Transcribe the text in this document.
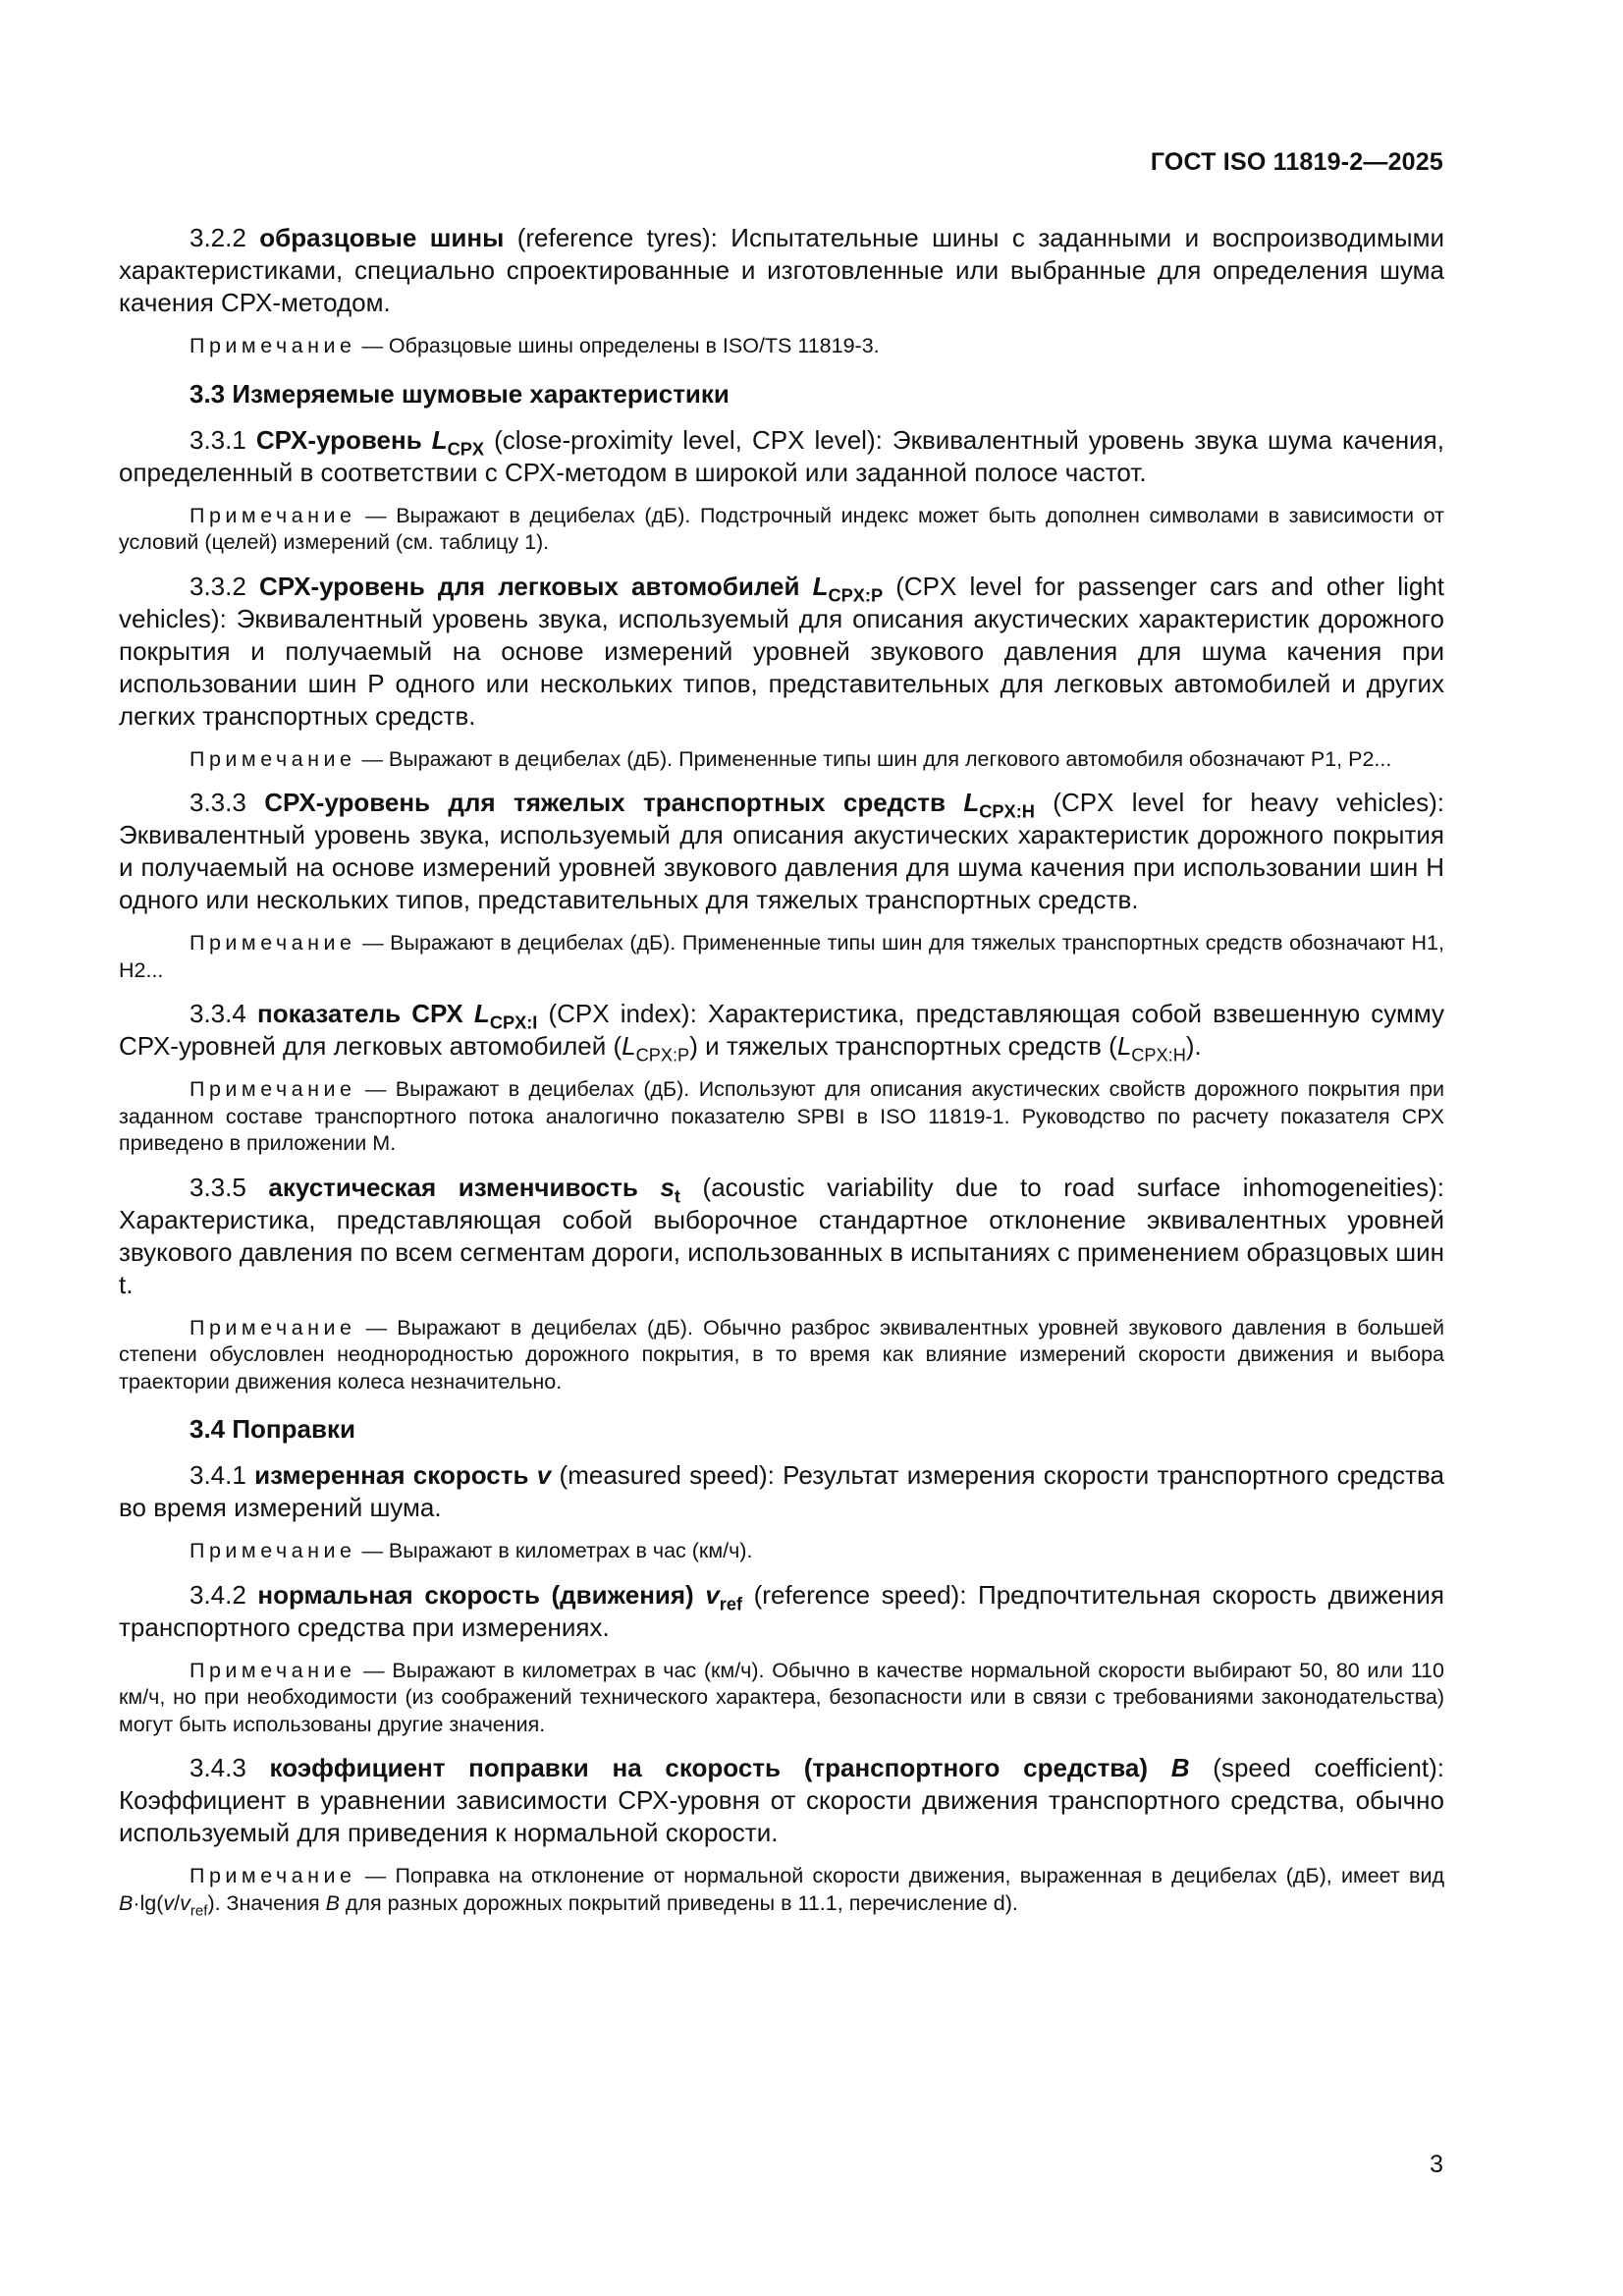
ГОСТ ISO 11819-2—2025

3.2.2 образцовые шины (reference tyres): Испытательные шины с заданными и воспроизводимыми характеристиками, специально спроектированные и изготовленные или выбранные для определения шума качения СРХ-методом.

Примечание — Образцовые шины определены в ISO/TS 11819-3.

3.3 Измеряемые шумовые характеристики

3.3.1 СРХ-уровень $L_{CPX}$ (close-proximity level, CPX level): Эквивалентный уровень звука шума качения, определенный в соответствии с СРХ-методом в широкой или заданной полосе частот.

Примечание — Выражают в децибелах (дБ). Подстрочный индекс может быть дополнен символами в зависимости от условий (целей) измерений (см. таблицу 1).

3.3.2 СРХ-уровень для легковых автомобилей $L_{CPX:P}$ (CPX level for passenger cars and other light vehicles): Эквивалентный уровень звука, используемый для описания акустических характеристик дорожного покрытия и получаемый на основе измерений уровней звукового давления для шума качения при использовании шин Р одного или нескольких типов, представительных для легковых автомобилей и других легких транспортных средств.

Примечание — Выражают в децибелах (дБ). Примененные типы шин для легкового автомобиля обозначают Р1, Р2...

3.3.3 СРХ-уровень для тяжелых транспортных средств $L_{CPX:H}$ (CPX level for heavy vehicles): Эквивалентный уровень звука, используемый для описания акустических характеристик дорожного покрытия и получаемый на основе измерений уровней звукового давления для шума качения при использовании шин Н одного или нескольких типов, представительных для тяжелых транспортных средств.

Примечание — Выражают в децибелах (дБ). Примененные типы шин для тяжелых транспортных средств обозначают Н1, Н2...

3.3.4 показатель СРХ $L_{CPX:I}$ (CPX index): Характеристика, представляющая собой взвешенную сумму СРХ-уровней для легковых автомобилей $(L_{CPX:P})$ и тяжелых транспортных средств $(L_{CPX:H})$.

Примечание — Выражают в децибелах (дБ). Используют для описания акустических свойств дорожного покрытия при заданном составе транспортного потока аналогично показателю SPBI в ISO 11819-1. Руководство по расчету показателя СРХ приведено в приложении М.

3.3.5 акустическая изменчивость $s_t$ (acoustic variability due to road surface inhomogeneities): Характеристика, представляющая собой выборочное стандартное отклонение эквивалентных уровней звукового давления по всем сегментам дороги, использованных в испытаниях с применением образцовых шин t.

Примечание — Выражают в децибелах (дБ). Обычно разброс эквивалентных уровней звукового давления в большей степени обусловлен неоднородностью дорожного покрытия, в то время как влияние измерений скорости движения и выбора траектории движения колеса незначительно.

3.4 Поправки

3.4.1 измеренная скорость v (measured speed): Результат измерения скорости транспортного средства во время измерений шума.

Примечание — Выражают в километрах в час (км/ч).

3.4.2 нормальная скорость (движения) $v_{ref}$ (reference speed): Предпочтительная скорость движения транспортного средства при измерениях.

Примечание — Выражают в километрах в час (км/ч). Обычно в качестве нормальной скорости выбирают 50, 80 или 110 км/ч, но при необходимости (из соображений технического характера, безопасности или в связи с требованиями законодательства) могут быть использованы другие значения.

3.4.3 коэффициент поправки на скорость (транспортного средства) B (speed coefficient): Коэффициент в уравнении зависимости СРХ-уровня от скорости движения транспортного средства, обычно используемый для приведения к нормальной скорости.

Примечание — Поправка на отклонение от нормальной скорости движения, выраженная в децибелах (дБ), имеет вид $B\cdot\lg(v/v_{ref})$. Значения B для разных дорожных покрытий приведены в 11.1, перечисление d).

3
